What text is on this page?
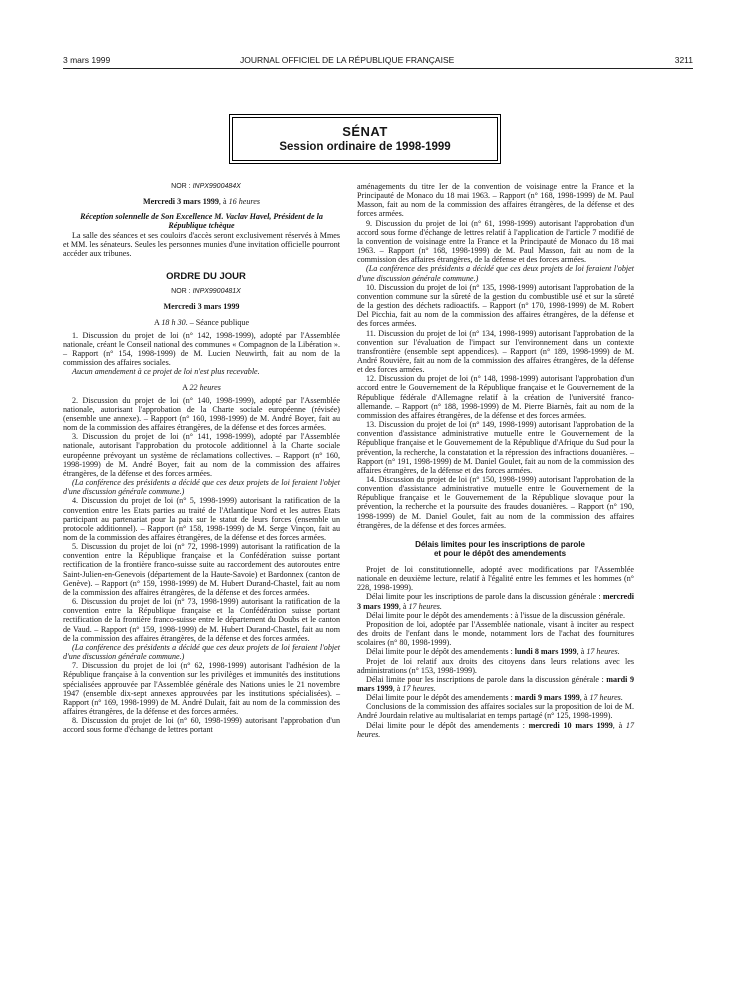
3 mars 1999	JOURNAL OFFICIEL DE LA RÉPUBLIQUE FRANÇAISE	3211
SÉNAT
Session ordinaire de 1998-1999

NOR : INPX9900484X

Mercredi 3 mars 1999, à 16 heures

Réception solennelle de Son Excellence M. Vaclav Havel, Président de la République tchèque

La salle des séances et ses couloirs d'accès seront exclusivement réservés à Mmes et MM. les sénateurs. Seules les personnes munies d'une invitation officielle pourront accéder aux tribunes.

ORDRE DU JOUR

NOR : INPX9900481X

Mercredi 3 mars 1999

A 18 h 30. – Séance publique

1. Discussion du projet de loi (n° 142, 1998-1999), adopté par l'Assemblée nationale, créant le Conseil national des communes « Compagnon de la Libération ». – Rapport (n° 154, 1998-1999) de M. Lucien Neuwirth, fait au nom de la commission des affaires sociales.

Aucun amendement à ce projet de loi n'est plus recevable.

A 22 heures

2. Discussion du projet de loi (n° 140, 1998-1999), adopté par l'Assemblée nationale, autorisant l'approbation de la Charte sociale européenne (révisée) (ensemble une annexe). – Rapport (n° 160, 1998-1999) de M. André Boyer, fait au nom de la commission des affaires étrangères, de la défense et des forces armées.

3. Discussion du projet de loi (n° 141, 1998-1999), adopté par l'Assemblée nationale, autorisant l'approbation du protocole additionnel à la Charte sociale européenne prévoyant un système de réclamations collectives. – Rapport (n° 160, 1998-1999) de M. André Boyer, fait au nom de la commission des affaires étrangères, de la défense et des forces armées.

(La conférence des présidents a décidé que ces deux projets de loi feraient l'objet d'une discussion générale commune.)

4. Discussion du projet de loi (n° 5, 1998-1999) autorisant la ratification de la convention entre les Etats parties au traité de l'Atlantique Nord et les autres Etats participant au partenariat pour la paix sur le statut de leurs forces (ensemble un protocole additionnel). – Rapport (n° 158, 1998-1999) de M. Serge Vinçon, fait au nom de la commission des affaires étrangères, de la défense et des forces armées.

5. Discussion du projet de loi (n° 72, 1998-1999) autorisant la ratification de la convention entre la République française et la Confédération suisse portant rectification de la frontière franco-suisse suite au raccordement des autoroutes entre Saint-Julien-en-Genevois (département de la Haute-Savoie) et Bardonnex (canton de Genève). – Rapport (n° 159, 1998-1999) de M. Hubert Durand-Chastel, fait au nom de la commission des affaires étrangères, de la défense et des forces armées.

6. Discussion du projet de loi (n° 73, 1998-1999) autorisant la ratification de la convention entre la République française et la Confédération suisse portant rectification de la frontière franco-suisse entre le département du Doubs et le canton de Vaud. – Rapport (n° 159, 1998-1999) de M. Hubert Durand-Chastel, fait au nom de la commission des affaires étrangères, de la défense et des forces armées.

(La conférence des présidents a décidé que ces deux projets de loi feraient l'objet d'une discussion générale commune.)

7. Discussion du projet de loi (n° 62, 1998-1999) autorisant l'adhésion de la République française à la convention sur les privilèges et immunités des institutions spécialisées approuvée par l'Assemblée générale des Nations unies le 21 novembre 1947 (ensemble dix-sept annexes approuvées par les institutions spécialisées). – Rapport (n° 169, 1998-1999) de M. André Dulait, fait au nom de la commission des affaires étrangères, de la défense et des forces armées.

8. Discussion du projet de loi (n° 60, 1998-1999) autorisant l'approbation d'un accord sous forme d'échange de lettres portant

aménagements du titre Ier de la convention de voisinage entre la France et la Principauté de Monaco du 18 mai 1963. – Rapport (n° 168, 1998-1999) de M. Paul Masson, fait au nom de la commission des affaires étrangères, de la défense et des forces armées.

9. Discussion du projet de loi (n° 61, 1998-1999) autorisant l'approbation d'un accord sous forme d'échange de lettres relatif à l'application de l'article 7 modifié de la convention de voisinage entre la France et la Principauté de Monaco du 18 mai 1963. – Rapport (n° 168, 1998-1999) de M. Paul Masson, fait au nom de la commission des affaires étrangères, de la défense et des forces armées.

(La conférence des présidents a décidé que ces deux projets de loi feraient l'objet d'une discussion générale commune.)

10. Discussion du projet de loi (n° 135, 1998-1999) autorisant l'approbation de la convention commune sur la sûreté de la gestion du combustible usé et sur la sûreté de la gestion des déchets radioactifs. – Rapport (n° 170, 1998-1999) de M. Robert Del Picchia, fait au nom de la commission des affaires étrangères, de la défense et des forces armées.

11. Discussion du projet de loi (n° 134, 1998-1999) autorisant l'approbation de la convention sur l'évaluation de l'impact sur l'environnement dans un contexte transfrontière (ensemble sept appendices). – Rapport (n° 189, 1998-1999) de M. André Rouvière, fait au nom de la commission des affaires étrangères, de la défense et des forces armées.

12. Discussion du projet de loi (n° 148, 1998-1999) autorisant l'approbation d'un accord entre le Gouvernement de la République française et le Gouvernement de la République fédérale d'Allemagne relatif à la création de l'université franco-allemande. – Rapport (n° 188, 1998-1999) de M. Pierre Biarnès, fait au nom de la commission des affaires étrangères, de la défense et des forces armées.

13. Discussion du projet de loi (n° 149, 1998-1999) autorisant l'approbation de la convention d'assistance administrative mutuelle entre le Gouvernement de la République française et le Gouvernement de la République d'Afrique du Sud pour la prévention, la recherche, la constatation et la répression des infractions douanières. – Rapport (n° 191, 1998-1999) de M. Daniel Goulet, fait au nom de la commission des affaires étrangères, de la défense et des forces armées.

14. Discussion du projet de loi (n° 150, 1998-1999) autorisant l'approbation de la convention d'assistance administrative mutuelle entre le Gouvernement de la République française et le Gouvernement de la République slovaque pour la prévention, la recherche et la poursuite des fraudes douanières. – Rapport (n° 190, 1998-1999) de M. Daniel Goulet, fait au nom de la commission des affaires étrangères, de la défense et des forces armées.

Délais limites pour les inscriptions de parole

et pour le dépôt des amendements

Projet de loi constitutionnelle, adopté avec modifications par l'Assemblée nationale en deuxième lecture, relatif à l'égalité entre les femmes et les hommes (n° 228, 1998-1999).

Délai limite pour les inscriptions de parole dans la discussion générale : mercredi 3 mars 1999, à 17 heures.

Délai limite pour le dépôt des amendements : à l'issue de la discussion générale.

Proposition de loi, adoptée par l'Assemblée nationale, visant à inciter au respect des droits de l'enfant dans le monde, notamment lors de l'achat des fournitures scolaires (n° 80, 1998-1999).

Délai limite pour le dépôt des amendements : lundi 8 mars 1999, à 17 heures.

Projet de loi relatif aux droits des citoyens dans leurs relations avec les administrations (n° 153, 1998-1999).

Délai limite pour les inscriptions de parole dans la discussion générale : mardi 9 mars 1999, à 17 heures.

Délai limite pour le dépôt des amendements : mardi 9 mars 1999, à 17 heures.

Conclusions de la commission des affaires sociales sur la proposition de loi de M. André Jourdain relative au multisalariat en temps partagé (n° 125, 1998-1999).

Délai limite pour le dépôt des amendements : mercredi 10 mars 1999, à 17 heures.
